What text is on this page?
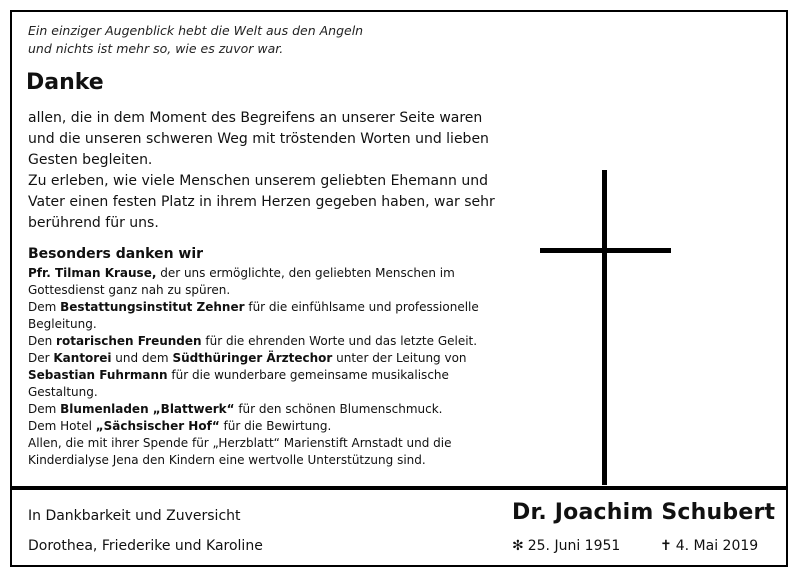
Ein einziger Augenblick hebt die Welt aus den Angeln
und nichts ist mehr so, wie es zuvor war.
Danke
allen, die in dem Moment des Begreifens an unserer Seite waren
und die unseren schweren Weg mit tröstenden Worten und lieben
Gesten begleiten.
Zu erleben, wie viele Menschen unserem geliebten Ehemann und
Vater einen festen Platz in ihrem Herzen gegeben haben, war sehr
berührend für uns.
Besonders danken wir
Pfr. Tilman Krause, der uns ermöglichte, den geliebten Menschen im
Gottesdienst ganz nah zu spüren.
Dem Bestattungsinstitut Zehner für die einfühlsame und professionelle
Begleitung.
Den rotarischen Freunden für die ehrenden Worte und das letzte Geleit.
Der Kantorei und dem Südthüringer Ärztechor unter der Leitung von
Sebastian Fuhrmann für die wunderbare gemeinsame musikalische
Gestaltung.
Dem Blumenladen „Blattwerk“ für den schönen Blumenschmuck.
Dem Hotel „Sächsischer Hof“ für die Bewirtung.
Allen, die mit ihrer Spende für „Herzblatt“ Marienstift Arnstadt und die
Kinderdialyse Jena den Kindern eine wertvolle Unterstützung sind.
In Dankbarkeit und Zuversicht
Dorothea, Friederike und Karoline
Dr. Joachim Schubert
✻ 25. Juni 1951	✝ 4. Mai 2019
